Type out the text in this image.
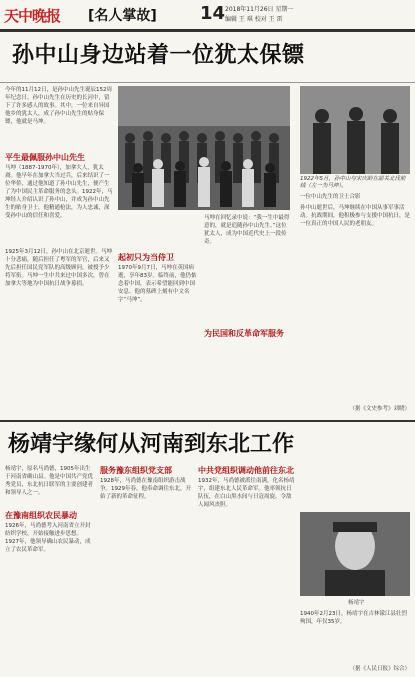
天中晚报 [名人掌故] 14 2018年11月26日 星期一
编辑 王 琪 校对 王 雷
孙中山身边站着一位犹太保镖
今年的11月12日，是孙中山先生诞辰152周年纪念日。孙中山先生在历史的长河中，留下了许多感人的故事。其中，一位来自异国他乡的犹太人，成了孙中山先生的贴身保镖，他就是马坤。
平生最佩服孙中山先生
马坤（1887-1970年），加拿大人，犹太裔。他早年在加拿大当过兵，后来结识了一位华侨，通过他知道了孙中山先生，便产生了为中国民主革命服务的念头。1922年，马坤经人介绍认识了孙中山，并成为孙中山先生的贴身卫士。他精通枪法，为人忠诚，深受孙中山的信任和喜爱。
1925年3月12日，孙中山在北京逝世。马坤十分悲痛，随后担任了粤军的军官，后来又先后担任国民党军队的高级顾问，被授予少将军衔。马坤一生中共来过中国多次，曾在加拿大等地为中国抗日战争募捐。
起初只为当侍卫
1970年9月7日，马坤在英国病逝，享年83岁。临终前，他仍惦念着中国，表示希望能回到中国安息。他的墓碑上刻有中文名字“马坤”。
马坤在回忆录中说：“我一生中最得意的，就是追随孙中山先生。”这位犹太人，成为中国近代史上一段传奇。
为民国和反革命军服务
1922年5月，孙中山与宋庆龄在韶关北伐前线（左一为马坤）。
一位中山先生的卫士合影
孙中山逝世后，马坤继续在中国从事军事活动。抗战期间，他积极参与支援中国抗日，是一位真正的中国人民的老朋友。
（据《文史参考》刘晓）
杨靖宇缘何从河南到东北工作
杨靖宇，原名马尚德，1905年出生于河南省确山县。他是中国共产党优秀党员，东北抗日联军的主要创建者和领导人之一。
在豫南组织农民暴动
1926年，马尚德考入河南省立开封纺织学校，开始接触进步思想。1927年，他领导确山农民暴动，成立了农民革命军。
服务豫东组织党支部
1928年，马尚德在豫南组织游击战争。1929年春，他奉命调往东北，开始了新的革命征程。
中共党组织调动他前往东北
1932年，马尚德被派往南满，化名杨靖宇，组建东北人民革命军。他率领抗日队伍，在白山黑水间与日寇周旋，令敌人闻风丧胆。
杨靖宇
1940年2月23日，杨靖宇在吉林濛江县壮烈殉国，年仅35岁。
（据《人民日报》综合）
